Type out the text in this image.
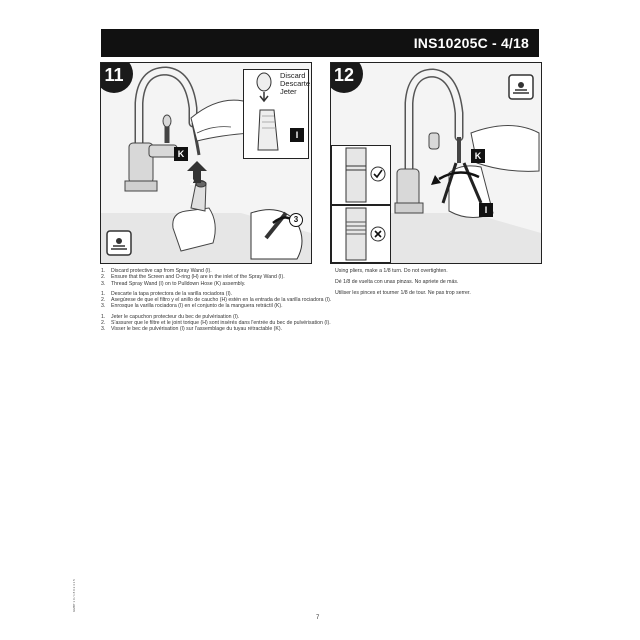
INS10205C - 4/18
11
K
2
3
Discard
Descarte
Jeter
I
12
K
I
1. Discard protective cap from Spray Wand (I).
2. Ensure that the Screen and O-ring (H) are in the inlet of the Spray Wand (I).
3. Thread Spray Wand (I) on to Pulldown Hose (K) assembly.
1. Descarte la tapa protectora de la varilla rociadora (I).
2. Asegúrese de que el filtro y el anillo de caucho (H) estén en la entrada de la varilla rociadora (I).
3. Enrosque la varilla rociadora (I) en el conjunto de la manguera retráctil (K).
1. Jeter le capuchon protecteur du bec de pulvérisation (I).
2. S'assurer que le filtre et le joint torique (H) sont insérés dans l'entrée du bec de pulvérisation (I).
3. Visser le bec de pulvérisation (I) sur l'assemblage du tuyau rétractable (K).
Using pliers, make a 1/8 turn. Do not overtighten.
Dé 1/8 de vuelta con unas pinzas. No apriete de más.
Utiliser les pinces et tourner 1/8 de tour. Ne pas trop serrer.
7
GMBT 1 0 / 1 8 0 2 4 1 5
